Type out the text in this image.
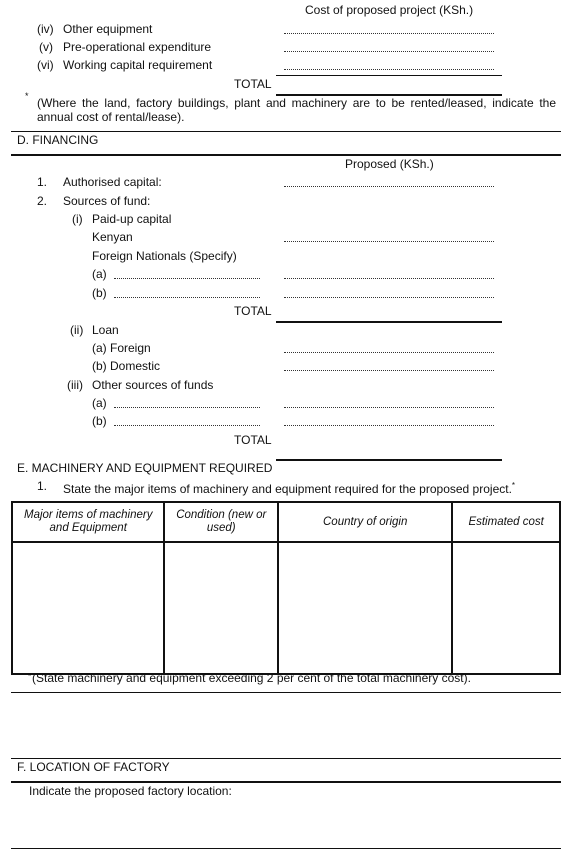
Cost of proposed project (KSh.)
(iv) Other equipment
(v) Pre-operational expenditure
(vi) Working capital requirement
TOTAL
* (Where the land, factory buildings, plant and machinery are to be rented/leased, indicate the
annual cost of rental/lease).
D. FINANCING
Proposed (KSh.)
1. Authorised capital:
2. Sources of fund:
(i) Paid-up capital
Kenyan
Foreign Nationals (Specify)
(a)
(b)
TOTAL
(ii) Loan
(a) Foreign
(b) Domestic
(iii) Other sources of funds
(a)
(b)
TOTAL
E. MACHINERY AND EQUIPMENT REQUIRED
1. State the major items of machinery and equipment required for the proposed project.*
Major items of machinery
and Equipment	Condition (new or
used)	Country of origin	Estimated cost

* (State machinery and equipment exceeding 2 per cent of the total machinery cost).
F. LOCATION OF FACTORY
Indicate the proposed factory location:
